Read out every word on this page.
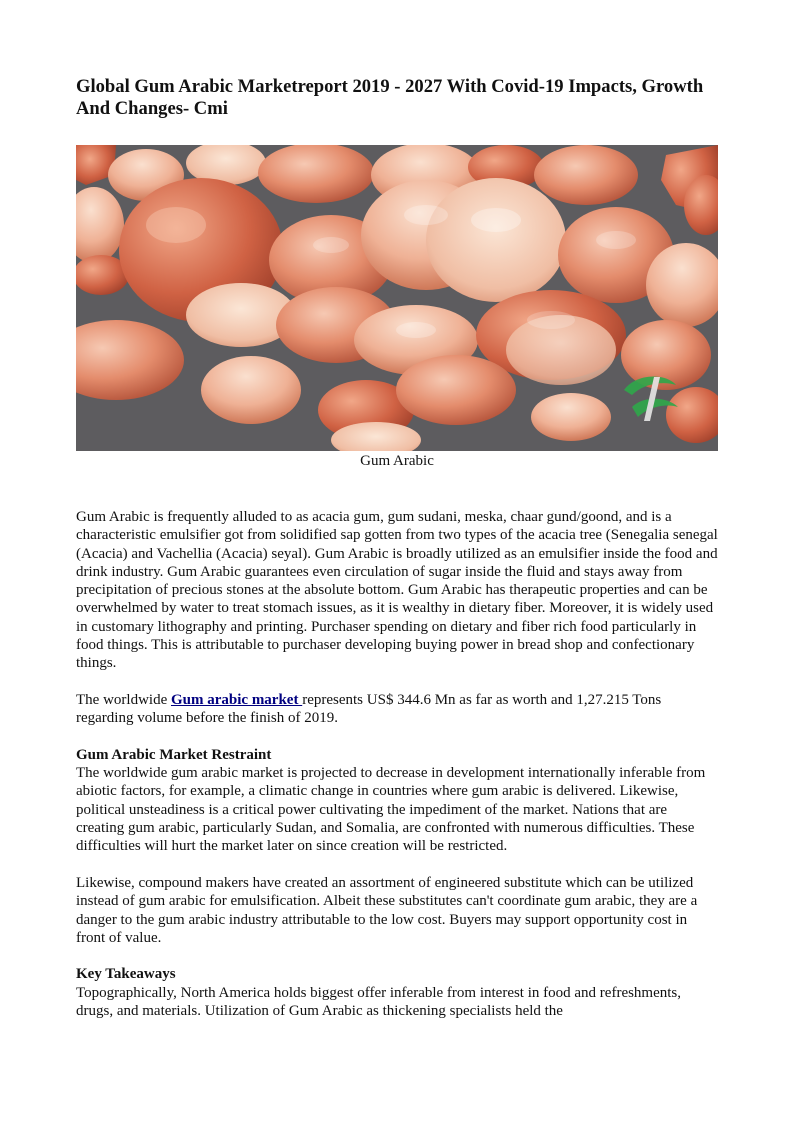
Global Gum Arabic Marketreport 2019 - 2027 With Covid-19 Impacts, Growth And Changes- Cmi
Gum Arabic

Gum Arabic is frequently alluded to as acacia gum, gum sudani, meska, chaar gund/goond, and is a characteristic emulsifier got from solidified sap gotten from two types of the acacia tree (Senegalia senegal (Acacia) and Vachellia (Acacia) seyal). Gum Arabic is broadly utilized as an emulsifier inside the food and drink industry. Gum Arabic guarantees even circulation of sugar inside the fluid and stays away from precipitation of precious stones at the absolute bottom. Gum Arabic has therapeutic properties and can be overwhelmed by water to treat stomach issues, as it is wealthy in dietary fiber. Moreover, it is widely used in customary lithography and printing. Purchaser spending on dietary and fiber rich food particularly in food things. This is attributable to purchaser developing buying power in bread shop and confectionary things.

The worldwide Gum arabic market represents US$ 344.6 Mn as far as worth and 1,27.215 Tons regarding volume before the finish of 2019.

Gum Arabic Market Restraint

The worldwide gum arabic market is projected to decrease in development internationally inferable from abiotic factors, for example, a climatic change in countries where gum arabic is delivered. Likewise, political unsteadiness is a critical power cultivating the impediment of the market. Nations that are creating gum arabic, particularly Sudan, and Somalia, are confronted with numerous difficulties. These difficulties will hurt the market later on since creation will be restricted.

Likewise, compound makers have created an assortment of engineered substitute which can be utilized instead of gum arabic for emulsification. Albeit these substitutes can't coordinate gum arabic, they are a danger to the gum arabic industry attributable to the low cost. Buyers may support opportunity cost in front of value.

Key Takeaways

Topographically, North America holds biggest offer inferable from interest in food and refreshments, drugs, and materials. Utilization of Gum Arabic as thickening specialists held the
